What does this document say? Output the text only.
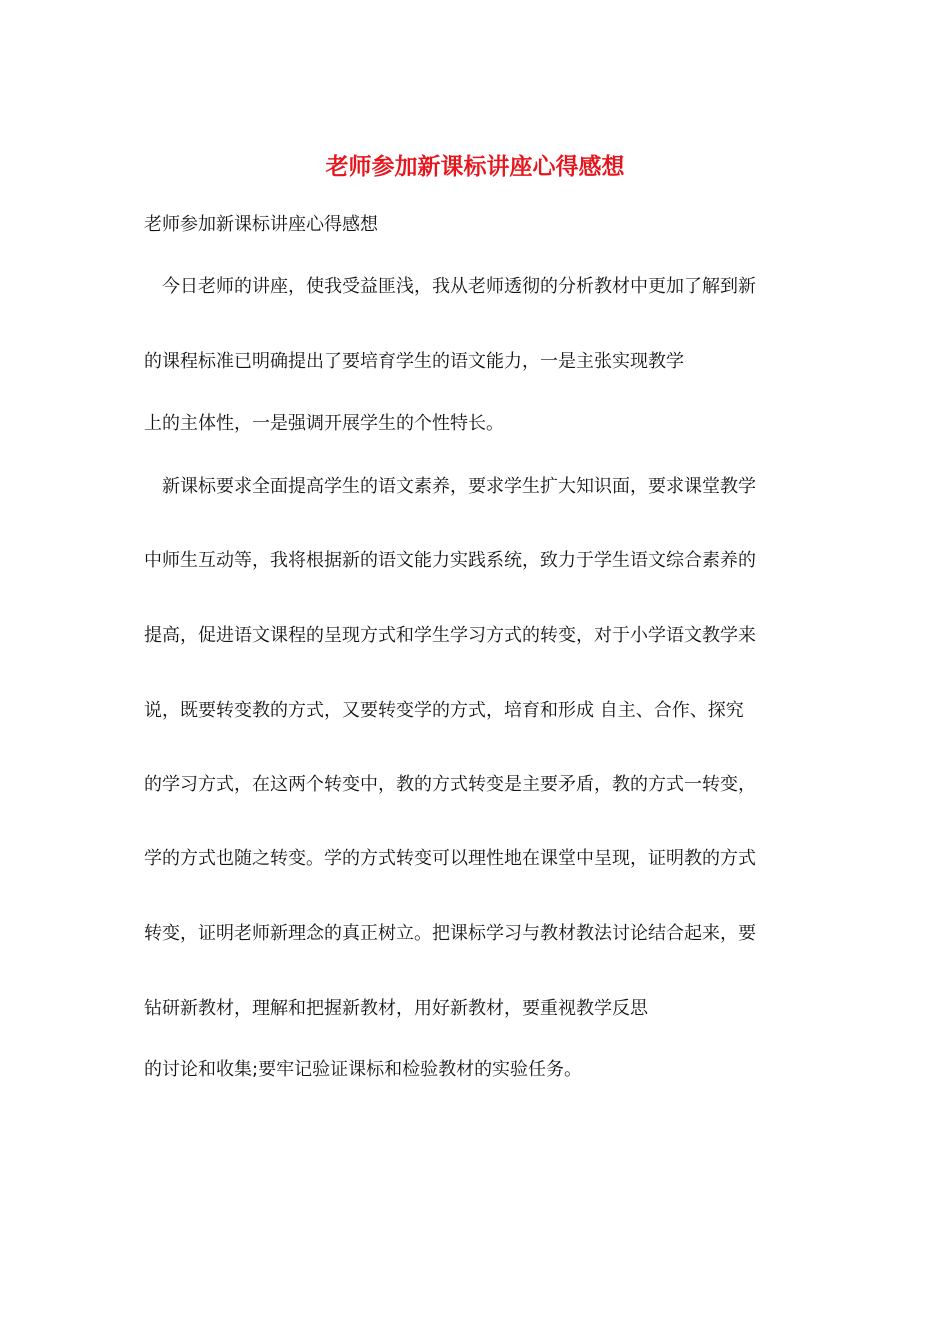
老师参加新课标讲座心得感想
老师参加新课标讲座心得感想
　今日老师的讲座，使我受益匪浅，我从老师透彻的分析教材中更加了解到新
的课程标准已明确提出了要培育学生的语文能力，一是主张实现教学
上的主体性，一是强调开展学生的个性特长。
　新课标要求全面提高学生的语文素养，要求学生扩大知识面，要求课堂教学
中师生互动等，我将根据新的语文能力实践系统，致力于学生语文综合素养的
提高，促进语文课程的呈现方式和学生学习方式的转变，对于小学语文教学来
说，既要转变教的方式，又要转变学的方式，培育和形成 自主、合作、探究
的学习方式，在这两个转变中，教的方式转变是主要矛盾，教的方式一转变，
学的方式也随之转变。学的方式转变可以理性地在课堂中呈现，证明教的方式
转变，证明老师新理念的真正树立。把课标学习与教材教法讨论结合起来，要
钻研新教材，理解和把握新教材，用好新教材，要重视教学反思
的讨论和收集;要牢记验证课标和检验教材的实验任务。
